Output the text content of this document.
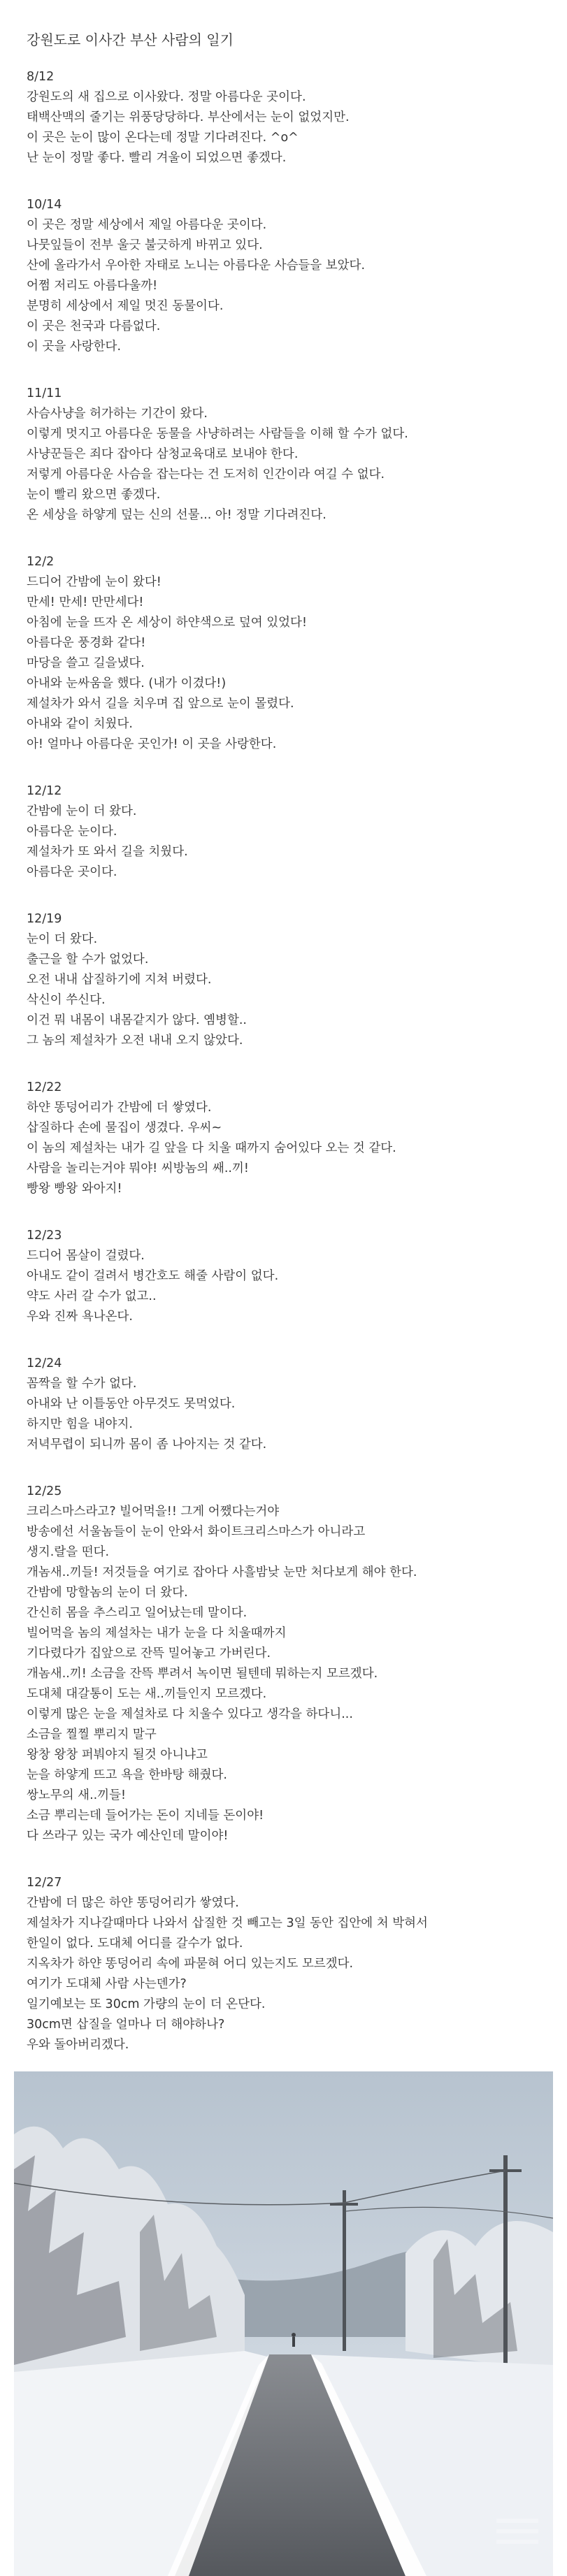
강원도로 이사간 부산 사람의 일기
8/12
강원도의 새 집으로 이사왔다. 정말 아름다운 곳이다.
태백산맥의 줄기는 위풍당당하다. 부산에서는 눈이 없었지만.
이 곳은 눈이 많이 온다는데 정말 기다려진다. ^o^
난 눈이 정말 좋다. 빨리 겨울이 되었으면 좋겠다.
10/14
이 곳은 정말 세상에서 제일 아름다운 곳이다.
나뭇잎들이 전부 울긋 불긋하게 바뀌고 있다.
산에 올라가서 우아한 자태로 노니는 아름다운 사슴들을 보았다.
어쩜 저리도 아름다울까!
분명히 세상에서 제일 멋진 동물이다.
이 곳은 천국과 다름없다.
이 곳을 사랑한다.
11/11
사슴사냥을 허가하는 기간이 왔다.
이렇게 멋지고 아름다운 동물을 사냥하려는 사람들을 이해 할 수가 없다.
사냥꾼들은 죄다 잡아다 삼청교육대로 보내야 한다.
저렇게 아름다운 사슴을 잡는다는 건 도저히 인간이라 여길 수 없다.
눈이 빨리 왔으면 좋겠다.
온 세상을 하얗게 덮는 신의 선물... 아! 정말 기다려진다.
12/2
드디어 간밤에 눈이 왔다!
만세! 만세! 만만세다!
아침에 눈을 뜨자 온 세상이 하얀색으로 덮여 있었다!
아름다운 풍경화 같다!
마당을 쓸고 길을냈다.
아내와 눈싸움을 했다. (내가 이겼다!)
제설차가 와서 길을 치우며 집 앞으로 눈이 몰렸다.
아내와 같이 치웠다.
아! 얼마나 아름다운 곳인가! 이 곳을 사랑한다.
12/12
간밤에 눈이 더 왔다.
아름다운 눈이다.
제설차가 또 와서 길을 치웠다.
아름다운 곳이다.
12/19
눈이 더 왔다.
출근을 할 수가 없었다.
오전 내내 삽질하기에 지쳐 버렸다.
삭신이 쑤신다.
이건 뭐 내몸이 내몸같지가 않다. 옘병할..
그 놈의 제설차가 오전 내내 오지 않았다.
12/22
하얀 똥덩어리가 간밤에 더 쌓였다.
삽질하다 손에 물집이 생겼다. 우씨~
이 놈의 제설차는 내가 길 앞을 다 치울 때까지 숨어있다 오는 것 같다.
사람을 놀리는거야 뭐야! 씨방놈의 쌔..끼!
빵왕 빵왕 와아지!
12/23
드디어 몸살이 걸렸다.
아내도 같이 걸려서 병간호도 해줄 사람이 없다.
약도 사러 갈 수가 없고..
우와 진짜 욕나온다.
12/24
꼼짝을 할 수가 없다.
아내와 난 이틀동안 아무것도 못먹었다.
하지만 힘을 내야지.
저녁무렵이 되니까 몸이 좀 나아지는 것 같다.
12/25
크리스마스라고? 빌어먹을!! 그게 어쨌다는거야
방송에선 서울놈들이 눈이 안와서 화이트크리스마스가 아니라고
생지.랄을 떤다.
개놈새..끼들! 저것들을 여기로 잡아다 사흘밤낮 눈만 처다보게 해야 한다.
간밤에 망할놈의 눈이 더 왔다.
간신히 몸을 추스리고 일어났는데 말이다.
빌어먹을 놈의 제설차는 내가 눈을 다 치울때까지
기다렸다가 집앞으로 잔뜩 밀어놓고 가버린다.
개놈새..끼! 소금을 잔뜩 뿌려서 녹이면 될텐데 뭐하는지 모르겠다.
도대체 대갈통이 도는 새..끼들인지 모르겠다.
이렇게 많은 눈을 제설차로 다 치울수 있다고 생각을 하다니...
소금을 찔찔 뿌리지 말구
왕창 왕창 퍼붜야지 될것 아니냐고
눈을 하얗게 뜨고 욕을 한바탕 해줬다.
쌍노무의 새..끼들!
소금 뿌리는데 들어가는 돈이 지네들 돈이야!
다 쓰라구 있는 국가 예산인데 말이야!
12/27
간밤에 더 많은 하얀 똥덩어리가 쌓였다.
제설차가 지나갈때마다 나와서 삽질한 것 빼고는 3일 동안 집안에 처 박혀서
한일이 없다. 도대체 어디를 갈수가 없다.
지옥차가 하얀 똥덩어리 속에 파묻혀 어디 있는지도 모르겠다.
여기가 도대체 사람 사는덴가?
일기예보는 또 30cm 가량의 눈이 더 온단다.
30cm면 삽질을 얼마나 더 해야하나?
우와 돌아버리겠다.
